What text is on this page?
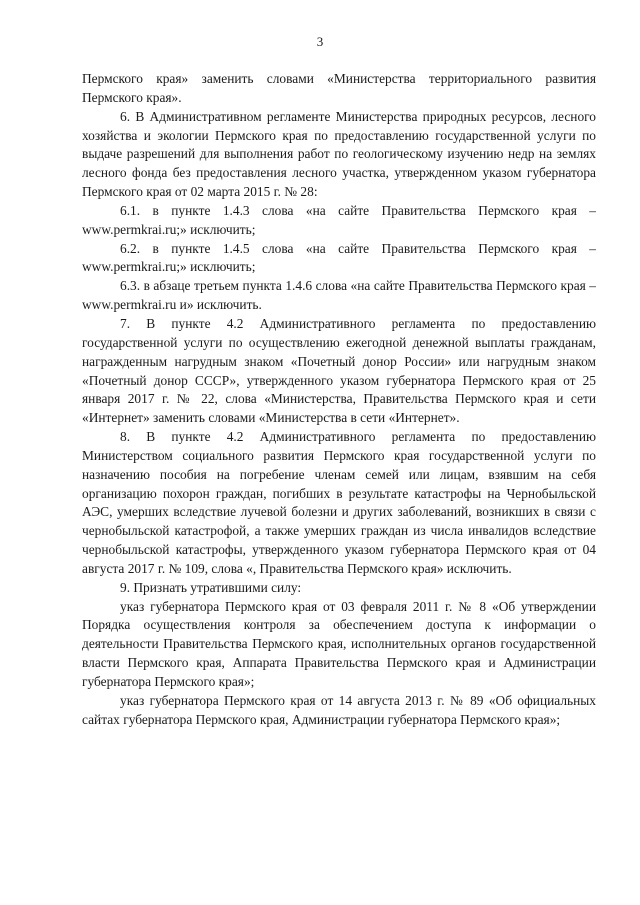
3

Пермского края» заменить словами «Министерства территориального развития Пермского края».

6. В Административном регламенте Министерства природных ресурсов, лесного хозяйства и экологии Пермского края по предоставлению государственной услуги по выдаче разрешений для выполнения работ по геологическому изучению недр на землях лесного фонда без предоставления лесного участка, утвержденном указом губернатора Пермского края от 02 марта 2015 г. № 28:

6.1. в пункте 1.4.3 слова «на сайте Правительства Пермского края – www.permkrai.ru;» исключить;

6.2. в пункте 1.4.5 слова «на сайте Правительства Пермского края – www.permkrai.ru;» исключить;

6.3. в абзаце третьем пункта 1.4.6 слова «на сайте Правительства Пермского края – www.permkrai.ru и» исключить.

7. В пункте 4.2 Административного регламента по предоставлению государственной услуги по осуществлению ежегодной денежной выплаты гражданам, награжденным нагрудным знаком «Почетный донор России» или нагрудным знаком «Почетный донор СССР», утвержденного указом губернатора Пермского края от 25 января 2017 г. № 22, слова «Министерства, Правительства Пермского края и сети «Интернет» заменить словами «Министерства в сети «Интернет».

8. В пункте 4.2 Административного регламента по предоставлению Министерством социального развития Пермского края государственной услуги по назначению пособия на погребение членам семей или лицам, взявшим на себя организацию похорон граждан, погибших в результате катастрофы на Чернобыльской АЭС, умерших вследствие лучевой болезни и других заболеваний, возникших в связи с чернобыльской катастрофой, а также умерших граждан из числа инвалидов вследствие чернобыльской катастрофы, утвержденного указом губернатора Пермского края от 04 августа 2017 г. № 109, слова «, Правительства Пермского края» исключить.

9. Признать утратившими силу:

указ губернатора Пермского края от 03 февраля 2011 г. № 8 «Об утверждении Порядка осуществления контроля за обеспечением доступа к информации о деятельности Правительства Пермского края, исполнительных органов государственной власти Пермского края, Аппарата Правительства Пермского края и Администрации губернатора Пермского края»;

указ губернатора Пермского края от 14 августа 2013 г. № 89 «Об официальных сайтах губернатора Пермского края, Администрации губернатора Пермского края»;
